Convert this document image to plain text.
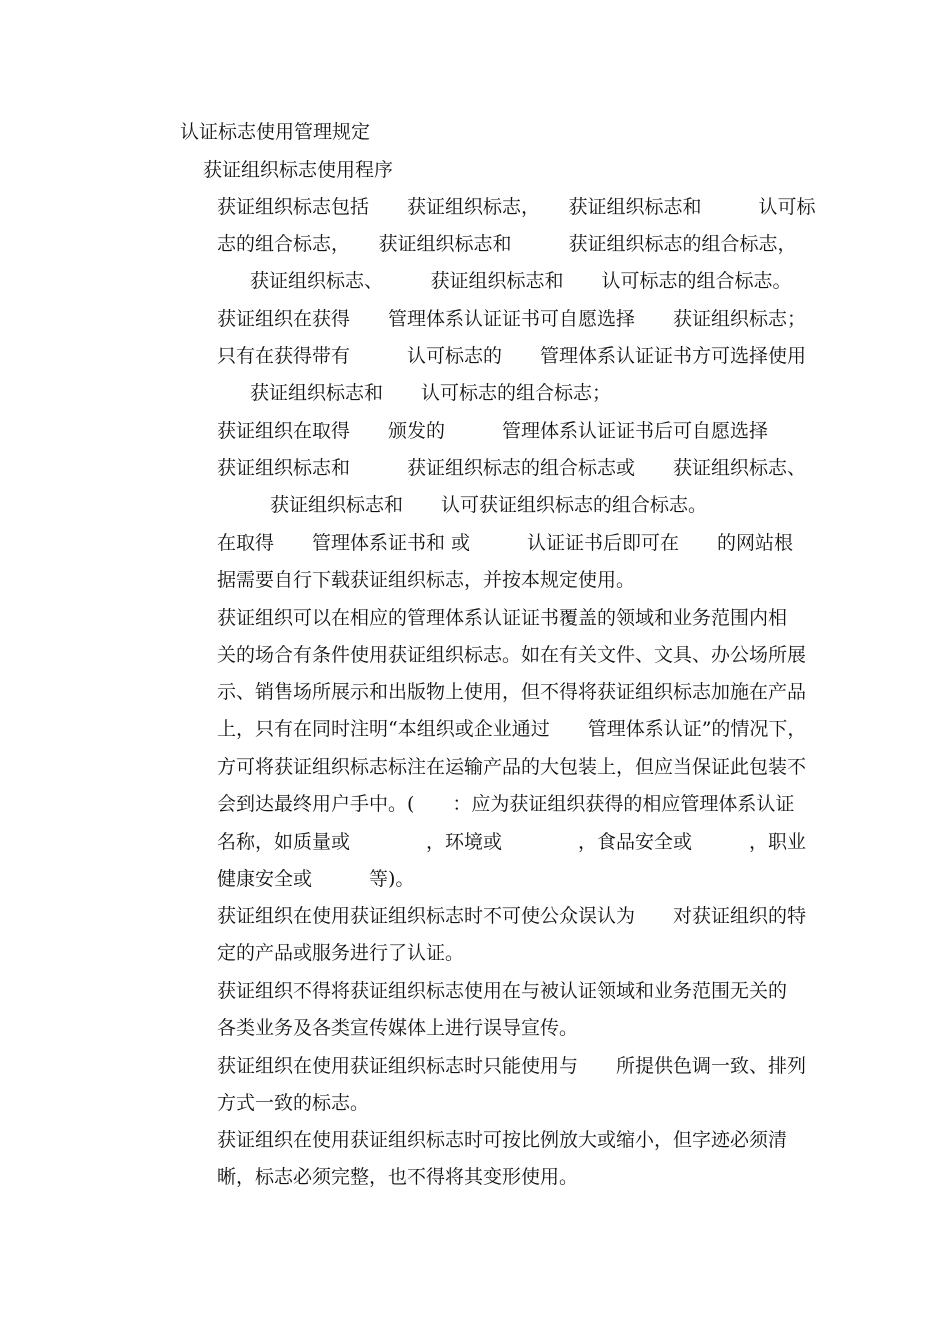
认证标志使用管理规定

获证组织标志使用程序

获证组织标志包括　　获证组织标志，　　获证组织标志和　　　认可标

志的组合标志，　　获证组织标志和　　　获证组织标志的组合标志，

获证组织标志、　　　获证组织标志和　　认可标志的组合标志。

获证组织在获得　　管理体系认证证书可自愿选择　　获证组织标志；

只有在获得带有　　　认可标志的　　管理体系认证证书方可选择使用

获证组织标志和　　认可标志的组合标志；

获证组织在取得　　颁发的　　　管理体系认证证书后可自愿选择

获证组织标志和　　　获证组织标志的组合标志或　　获证组织标志、

获证组织标志和　　认可获证组织标志的组合标志。

在取得　　管理体系证书和 或　　　认证证书后即可在　　的网站根

据需要自行下载获证组织标志，并按本规定使用。

获证组织可以在相应的管理体系认证证书覆盖的领域和业务范围内相

关的场合有条件使用获证组织标志。如在有关文件、文具、办公场所展

示、销售场所展示和出版物上使用，但不得将获证组织标志加施在产品

上，只有在同时注明“本组织或企业通过　　管理体系认证”的情况下，

方可将获证组织标志标注在运输产品的大包装上，但应当保证此包装不

会到达最终用户手中。(　　：应为获证组织获得的相应管理体系认证

名称，如质量或　　　　，环境或　　　　，食品安全或　　　，职业

健康安全或　　　等)。

获证组织在使用获证组织标志时不可使公众误认为　　对获证组织的特

定的产品或服务进行了认证。

获证组织不得将获证组织标志使用在与被认证领域和业务范围无关的

各类业务及各类宣传媒体上进行误导宣传。

获证组织在使用获证组织标志时只能使用与　　所提供色调一致、排列

方式一致的标志。

获证组织在使用获证组织标志时可按比例放大或缩小，但字迹必须清

晰，标志必须完整，也不得将其变形使用。
